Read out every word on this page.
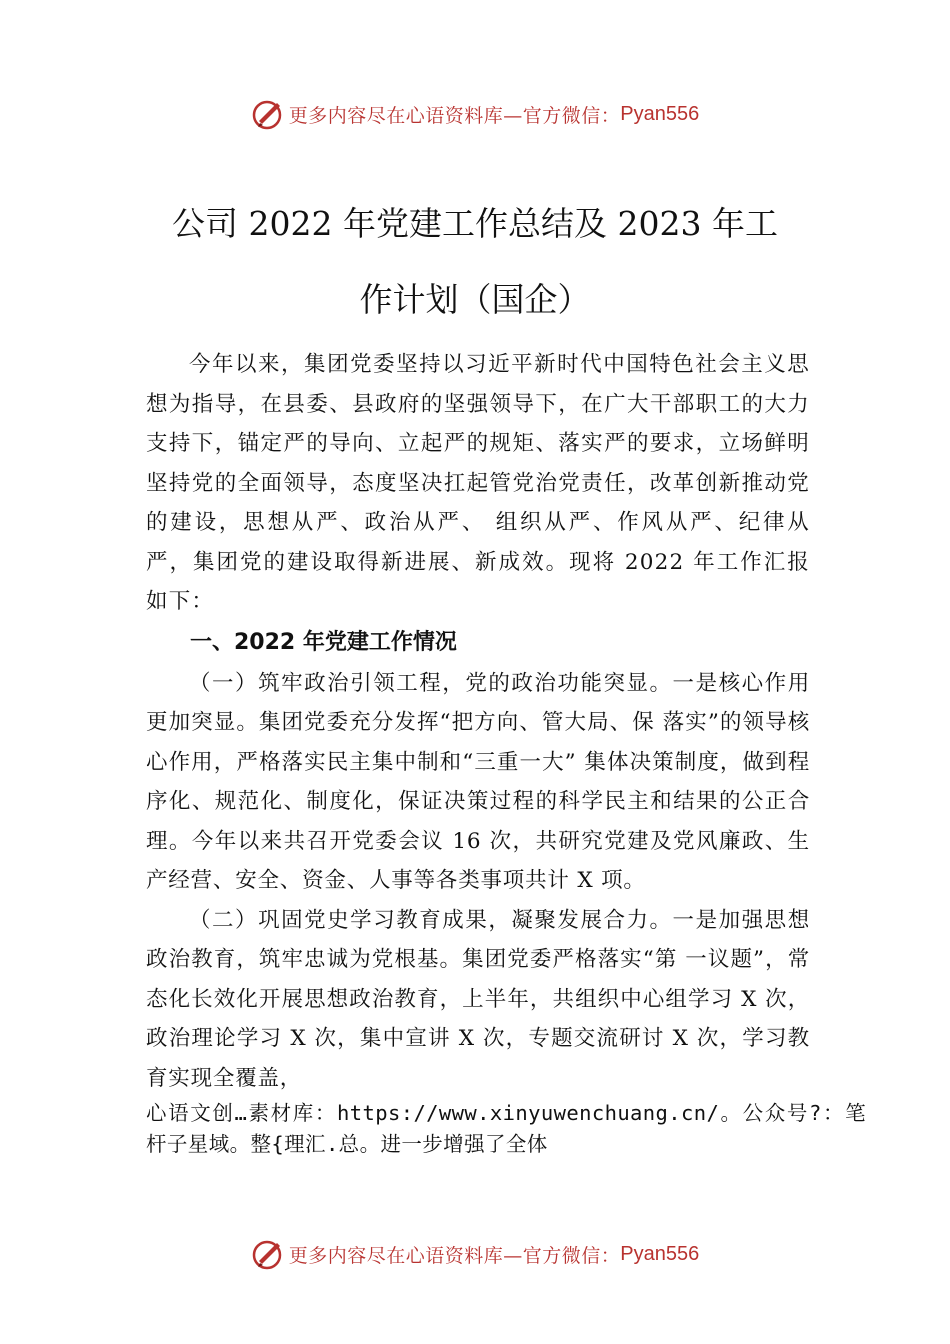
更多内容尽在心语资料库—官方微信： Pyan556
公司 2022 年党建工作总结及 2023 年工
作计划（国企）

今年以来，集团党委坚持以习近平新时代中国特色社会主义思想为指导，在县委、县政府的坚强领导下，在广大干部职工的大力支持下，锚定严的导向、立起严的规矩、落实严的要求，立场鲜明坚持党的全面领导，态度坚决扛起管党治党责任，改革创新推动党的建设，思想从严、政治从严、 组织从严、作风从严、纪律从严，集团党的建设取得新进展、新成效。现将 2022 年工作汇报如下：

一、2022 年党建工作情况

（一）筑牢政治引领工程，党的政治功能突显。一是核心作用更加突显。集团党委充分发挥“把方向、管大局、保 落实”的领导核心作用，严格落实民主集中制和“三重一大” 集体决策制度，做到程序化、规范化、制度化，保证决策过程的科学民主和结果的公正合理。今年以来共召开党委会议 16 次，共研究党建及党风廉政、生产经营、安全、资金、人事等各类事项共计 X 项。

（二）巩固党史学习教育成果，凝聚发展合力。一是加强思想政治教育，筑牢忠诚为党根基。集团党委严格落实“第 一议题”，常态化长效化开展思想政治教育，上半年，共组织中心组学习 X 次，政治理论学习 X 次，集中宣讲 X 次，专题交流研讨 X 次，学习教育实现全覆盖，

心语文创…素材库：https://www.xinyuwenchuang.cn/。公众号?：笔杆子星域。整{理汇.总。进一步增强了全体

更多内容尽在心语资料库—官方微信： Pyan556
